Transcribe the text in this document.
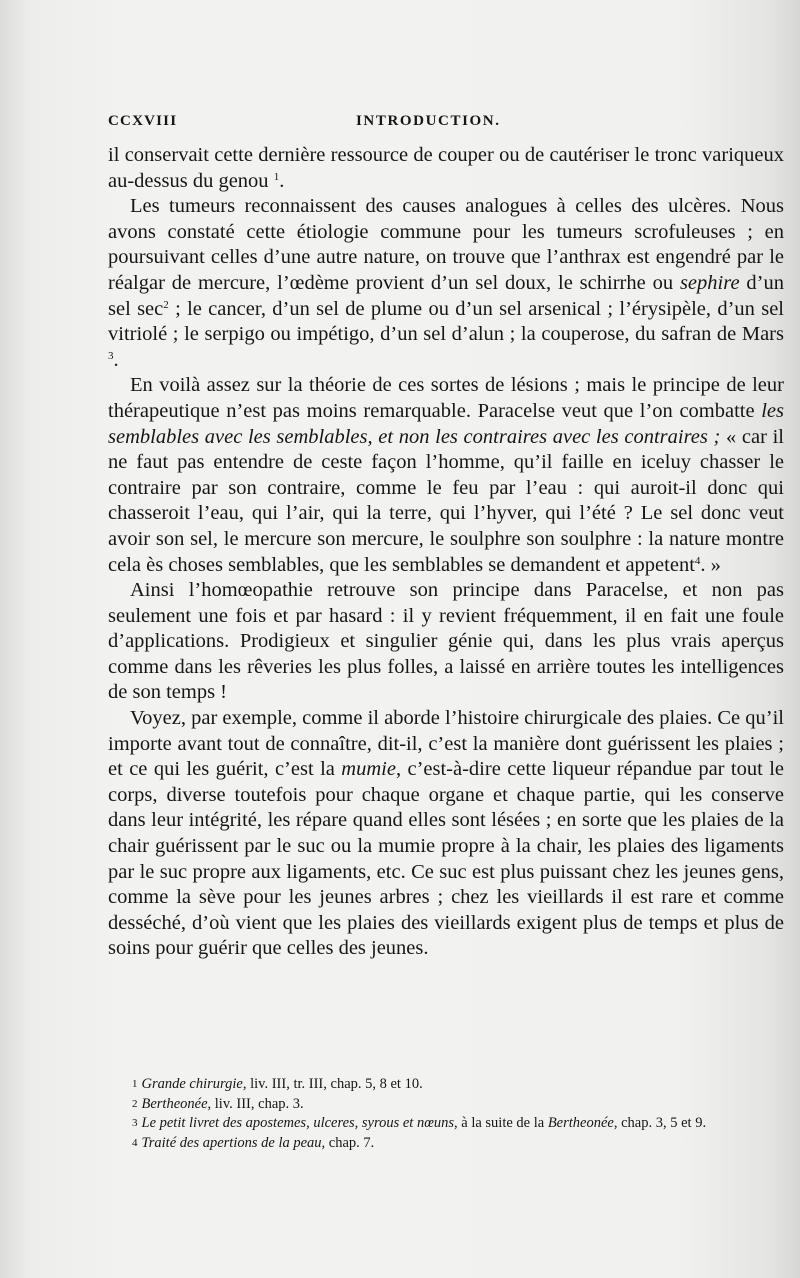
CCXVIII	INTRODUCTION.

il conservait cette dernière ressource de couper ou de cautériser le tronc variqueux au-dessus du genou $^1$.

Les tumeurs reconnaissent des causes analogues à celles des ulcères. Nous avons constaté cette étiologie commune pour les tumeurs scrofuleuses ; en poursuivant celles d’une autre nature, on trouve que l’anthrax est engendré par le réalgar de mercure, l’œdème provient d’un sel doux, le schirrhe ou sephire d’un sel $\sec^2$ ; le cancer, d’un sel de plume ou d’un sel arsenical ; l’érysipèle, d’un sel vitriolé ; le serpigo ou impétigo, d’un sel d’alun ; la couperose, du safran de Mars $^3$.

En voilà assez sur la théorie de ces sortes de lésions ; mais le principe de leur thérapeutique n’est pas moins remarquable. Paracelse veut que l’on combatte les semblables avec les semblables, et non les contraires avec les contraires ; « car il ne faut pas entendre de ceste façon l’homme, qu’il faille en iceluy chasser le contraire par son contraire, comme le feu par l’eau : qui auroit-il donc qui chasseroit l’eau, qui l’air, qui la terre, qui l’hyver, qui l’été ? Le sel donc veut avoir son sel, le mercure son mercure, le soulphre son soulphre : la nature montre cela ès choses semblables, que les semblables se demandent et appetent$^4$. »

Ainsi l’homœopathie retrouve son principe dans Paracelse, et non pas seulement une fois et par hasard : il y revient fréquemment, il en fait une foule d’applications. Prodigieux et singulier génie qui, dans les plus vrais aperçus comme dans les rêveries les plus folles, a laissé en arrière toutes les intelligences de son temps !

Voyez, par exemple, comme il aborde l’histoire chirurgicale des plaies. Ce qu’il importe avant tout de connaître, dit-il, c’est la manière dont guérissent les plaies ; et ce qui les guérit, c’est la mumie, c’est-à-dire cette liqueur répandue par tout le corps, diverse toutefois pour chaque organe et chaque partie, qui les conserve dans leur intégrité, les répare quand elles sont lésées ; en sorte que les plaies de la chair guérissent par le suc ou la mumie propre à la chair, les plaies des ligaments par le suc propre aux ligaments, etc. Ce suc est plus puissant chez les jeunes gens, comme la sève pour les jeunes arbres ; chez les vieillards il est rare et comme desséché, d’où vient que les plaies des vieillards exigent plus de temps et plus de soins pour guérir que celles des jeunes.

1 Grande chirurgie, liv. III, tr. III, chap. 5, 8 et 10.

2 Bertheonée, liv. III, chap. 3.

3 Le petit livret des apostemes, ulceres, syrous et nœuns, à la suite de la Bertheonée, chap. 3, 5 et 9.

4 Traité des apertions de la peau, chap. 7.
